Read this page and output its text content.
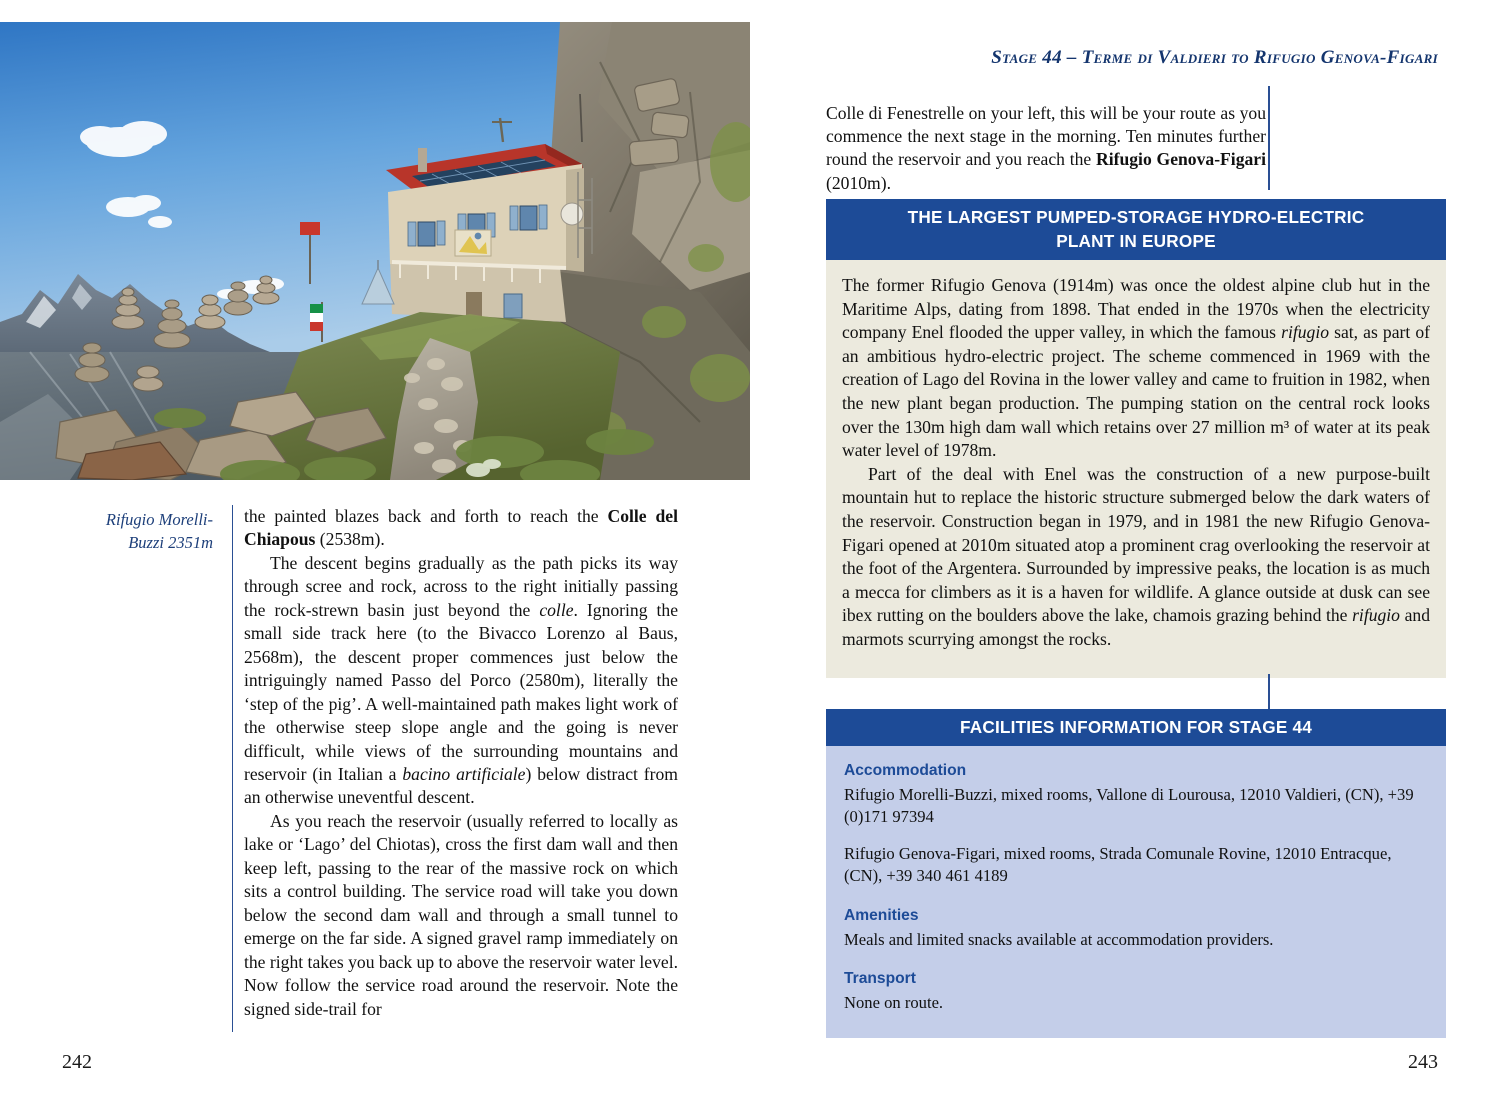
Rifugio Morelli-
Buzzi 2351m

the painted blazes back and forth to reach the Colle del Chiapous (2538m).

The descent begins gradually as the path picks its way through scree and rock, across to the right initially passing the rock-strewn basin just beyond the colle. Ignoring the small side track here (to the Bivacco Lorenzo al Baus, 2568m), the descent proper commences just below the intriguingly named Passo del Porco (2580m), literally the ‘step of the pig’. A well-maintained path makes light work of the otherwise steep slope angle and the going is never difficult, while views of the surrounding mountains and reservoir (in Italian a bacino artificiale) below distract from an otherwise uneventful descent.

As you reach the reservoir (usually referred to locally as lake or ‘Lago’ del Chiotas), cross the first dam wall and then keep left, passing to the rear of the massive rock on which sits a control building. The service road will take you down below the second dam wall and through a small tunnel to emerge on the far side. A signed gravel ramp immediately on the right takes you back up to above the reservoir water level. Now follow the service road around the reservoir. Note the signed side-trail for

242
Stage 44 – Terme di Valdieri to Rifugio Genova-Figari

Colle di Fenestrelle on your left, this will be your route as you commence the next stage in the morning. Ten minutes further round the reservoir and you reach the Rifugio Genova-Figari (2010m).

THE LARGEST PUMPED-STORAGE HYDRO-ELECTRIC
PLANT IN EUROPE

The former Rifugio Genova (1914m) was once the oldest alpine club hut in the Maritime Alps, dating from 1898. That ended in the 1970s when the electricity company Enel flooded the upper valley, in which the famous rifugio sat, as part of an ambitious hydro-electric project. The scheme commenced in 1969 with the creation of Lago del Rovina in the lower valley and came to fruition in 1982, when the new plant began production. The pumping station on the central rock looks over the 130m high dam wall which retains over 27 million m³ of water at its peak water level of 1978m.

Part of the deal with Enel was the construction of a new purpose-built mountain hut to replace the historic structure submerged below the dark waters of the reservoir. Construction began in 1979, and in 1981 the new Rifugio Genova-Figari opened at 2010m situated atop a prominent crag overlooking the reservoir at the foot of the Argentera. Surrounded by impressive peaks, the location is as much a mecca for climbers as it is a haven for wildlife. A glance outside at dusk can see ibex rutting on the boulders above the lake, chamois grazing behind the rifugio and marmots scurrying amongst the rocks.

FACILITIES INFORMATION FOR STAGE 44
Accommodation

Rifugio Morelli-Buzzi, mixed rooms, Vallone di Lourousa, 12010 Valdieri, (CN), +39 (0)171 97394

Rifugio Genova-Figari, mixed rooms, Strada Comunale Rovine, 12010 Entracque, (CN), +39 340 461 4189

Amenities

Meals and limited snacks available at accommodation providers.

Transport

None on route.

243
